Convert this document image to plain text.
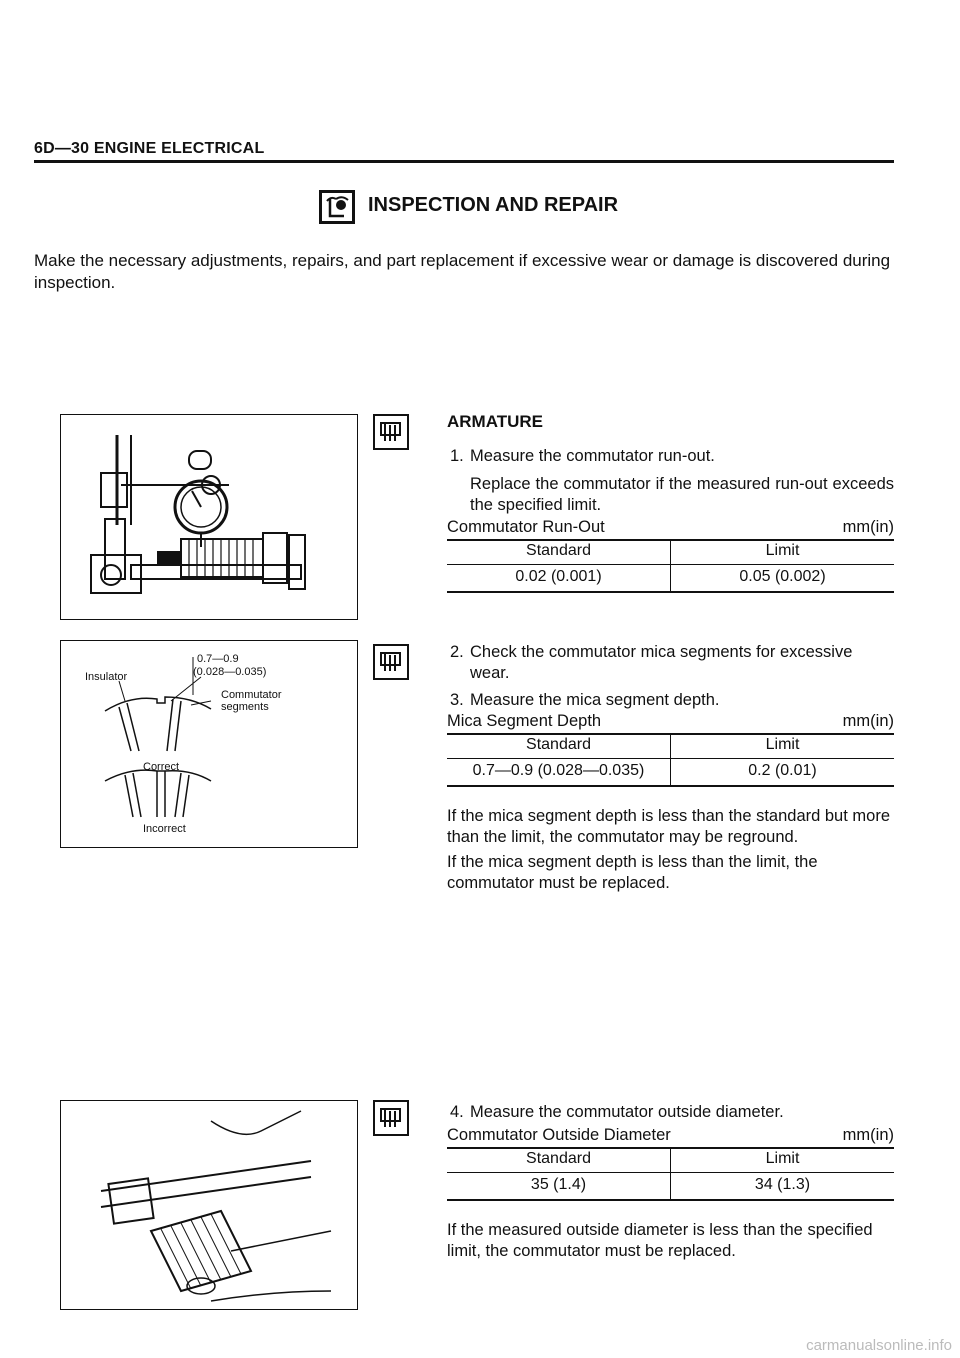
6D—30 ENGINE ELECTRICAL
INSPECTION AND REPAIR
Make the necessary adjustments, repairs, and part replacement if excessive wear or damage is discovered during inspection.
0.7—0.9
(0.028—0.035)
Insulator
Commutator
segments
Correct
Incorrect
ARMATURE
1. Measure the commutator run-out.
Replace the commutator if the measured run-out exceeds the specified limit.
Commutator Run-Out	mm(in)
Standard	Limit
0.02 (0.001)	0.05 (0.002)
2. Check the commutator mica segments for excessive wear.
3. Measure the mica segment depth.
Mica Segment Depth	mm(in)
Standard	Limit
0.7—0.9 (0.028—0.035)	0.2 (0.01)
If the mica segment depth is less than the standard but more than the limit, the commutator may be reground.
If the mica segment depth is less than the limit, the commutator must be replaced.
4. Measure the commutator outside diameter.
Commutator Outside Diameter	mm(in)
Standard	Limit
35 (1.4)	34 (1.3)
If the measured outside diameter is less than the specified limit, the commutator must be replaced.
carmanualsonline.info
